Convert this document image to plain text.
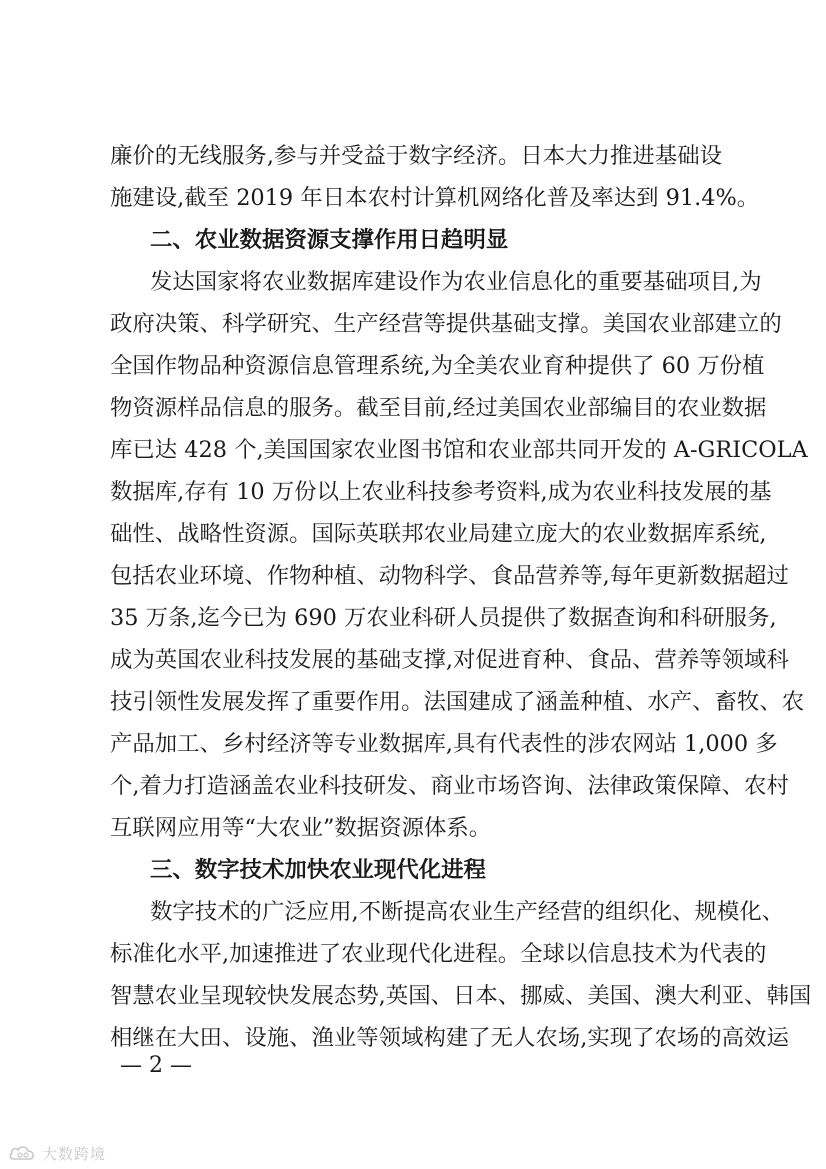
廉价的无线服务,参与并受益于数字经济。日本大力推进基础设
施建设,截至 2019 年日本农村计算机网络化普及率达到 91.4%。
二、农业数据资源支撑作用日趋明显
发达国家将农业数据库建设作为农业信息化的重要基础项目,为
政府决策、科学研究、生产经营等提供基础支撑。美国农业部建立的
全国作物品种资源信息管理系统,为全美农业育种提供了 60 万份植
物资源样品信息的服务。截至目前,经过美国农业部编目的农业数据
库已达 428 个,美国国家农业图书馆和农业部共同开发的 A-GRICOLA
数据库,存有 10 万份以上农业科技参考资料,成为农业科技发展的基
础性、战略性资源。国际英联邦农业局建立庞大的农业数据库系统,
包括农业环境、作物种植、动物科学、食品营养等,每年更新数据超过
35 万条,迄今已为 690 万农业科研人员提供了数据查询和科研服务,
成为英国农业科技发展的基础支撑,对促进育种、食品、营养等领域科
技引领性发展发挥了重要作用。法国建成了涵盖种植、水产、畜牧、农
产品加工、乡村经济等专业数据库,具有代表性的涉农网站 1,000 多
个,着力打造涵盖农业科技研发、商业市场咨询、法律政策保障、农村
互联网应用等“大农业”数据资源体系。
三、数字技术加快农业现代化进程
数字技术的广泛应用,不断提高农业生产经营的组织化、规模化、
标准化水平,加速推进了农业现代化进程。全球以信息技术为代表的
智慧农业呈现较快发展态势,英国、日本、挪威、美国、澳大利亚、韩国
相继在大田、设施、渔业等领域构建了无人农场,实现了农场的高效运
— 2 —
大数跨境
